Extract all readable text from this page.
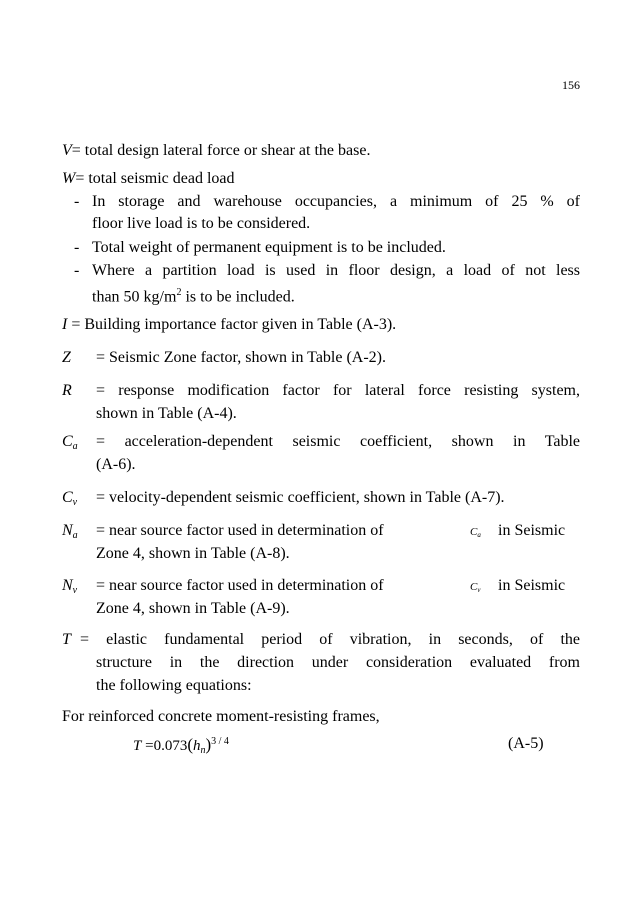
156
V= total design lateral force or shear at the base.
W= total seismic dead load
- In storage and warehouse occupancies, a minimum of 25 % of
floor live load is to be considered.
- Total weight of permanent equipment is to be included.
- Where a partition load is used in floor design, a load of not less
than 50 $kg/m^2$ is to be included.
I = Building importance factor given in Table (A-3).
Z = Seismic Zone factor, shown in Table (A-2).
R = response modification factor for lateral force resisting system,
shown in Table (A-4).
$C_a$ = acceleration-dependent seismic coefficient, shown in Table
(A-6).
$C_v$ = velocity-dependent seismic coefficient, shown in Table (A-7).
$N_a$ = near source factor used in determination of	$C_a$ in Seismic
Zone 4, shown in Table (A-8).
$N_v$ = near source factor used in determination of	$C_v$ in Seismic
Zone 4, shown in Table (A-9).
T = elastic fundamental period of vibration, in seconds, of the
structure in the direction under consideration evaluated from
the following equations:
For reinforced concrete moment-resisting frames,
$T =0.073(h_n)^{3 / 4}$	(A-5)
